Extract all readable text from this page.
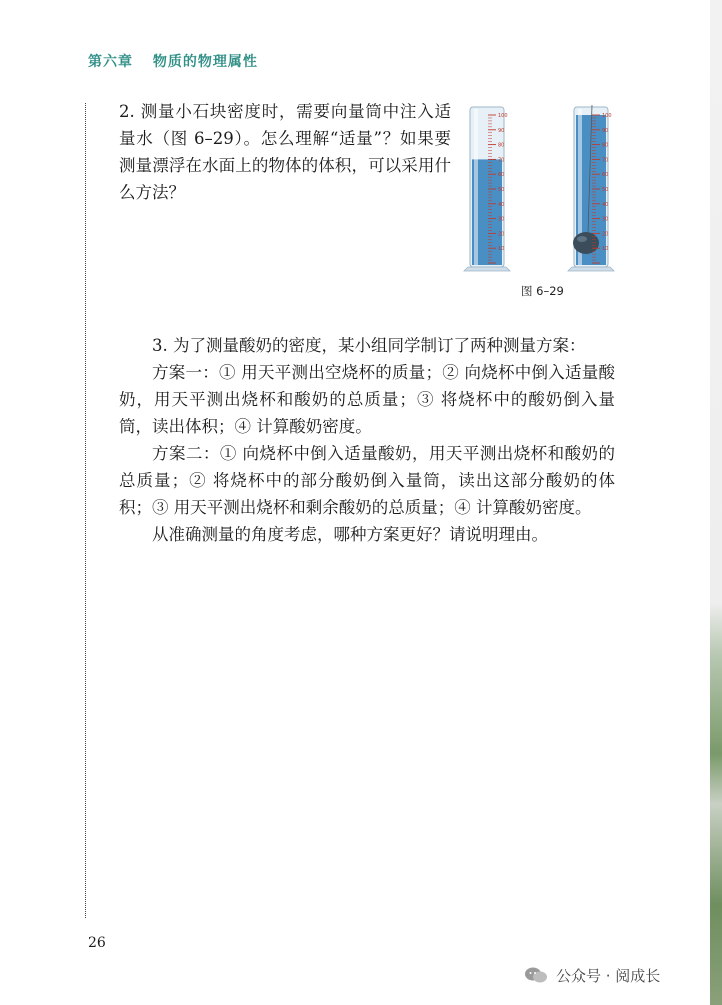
第六章 物质的物理属性

2. 测量小石块密度时，需要向量筒中注入适量水（图 6–29）。怎么理解“适量”？如果要测量漂浮在水面上的物体的体积，可以采用什么方法？

100
90
80
70
60
50
40
30
20
10
100
90
80
70
60
50
40
30
20
10
图 6–29

3. 为了测量酸奶的密度，某小组同学制订了两种测量方案：

方案一：① 用天平测出空烧杯的质量；② 向烧杯中倒入适量酸奶，用天平测出烧杯和酸奶的总质量；③ 将烧杯中的酸奶倒入量筒，读出体积；④ 计算酸奶密度。

方案二：① 向烧杯中倒入适量酸奶，用天平测出烧杯和酸奶的总质量；② 将烧杯中的部分酸奶倒入量筒，读出这部分酸奶的体积；③ 用天平测出烧杯和剩余酸奶的总质量；④ 计算酸奶密度。

从准确测量的角度考虑，哪种方案更好？请说明理由。

26
公众号 · 阅成长
